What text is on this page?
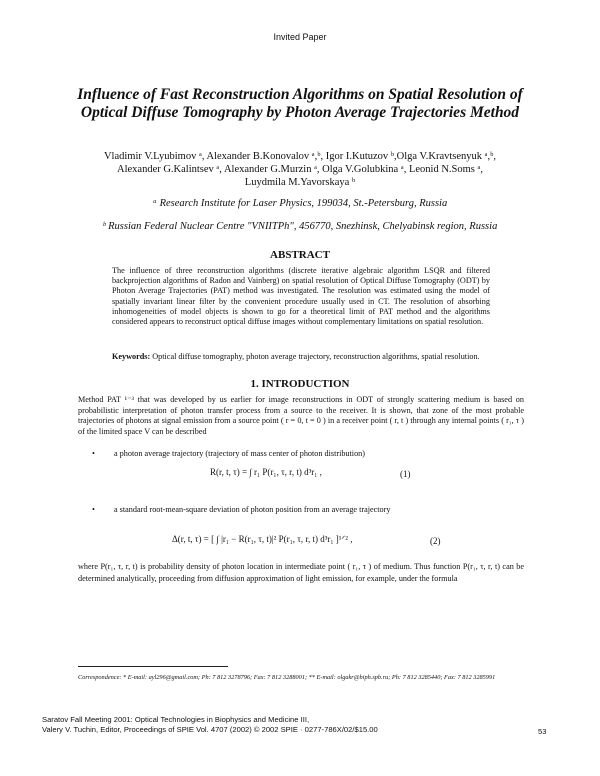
Invited Paper
Influence of Fast Reconstruction Algorithms on Spatial Resolution of Optical Diffuse Tomography by Photon Average Trajectories Method
Vladimir V.Lyubimov ᵃ, Alexander B.Konovalov ᵃ,ᵇ, Igor I.Kutuzov ᵇ,Olga V.Kravtsenyuk ᵃ,ᵇ,
Alexander G.Kalintsev ᵃ, Alexander G.Murzin ᵃ, Olga V.Golubkina ᵃ, Leonid N.Soms ᵃ,
Luydmila M.Yavorskaya ᵇ
ᵃ Research Institute for Laser Physics, 199034, St.-Petersburg, Russia
ᵇ Russian Federal Nuclear Centre "VNIITPh", 456770, Snezhinsk, Chelyabinsk region, Russia
ABSTRACT
The influence of three reconstruction algorithms (discrete iterative algebraic algorithm LSQR and filtered backprojection algorithms of Radon and Vainberg) on spatial resolution of Optical Diffuse Tomography (ODT) by Photon Average Trajectories (PAT) method was investigated. The resolution was estimated using the model of spatially invariant linear filter by the convenient procedure usually used in CT. The resolution of absorbing inhomogeneities of model objects is shown to go for a theoretical limit of PAT method and the algorithms considered appears to reconstruct optical diffuse images without complementary limitations on spatial resolution.
Keywords: Optical diffuse tomography, photon average trajectory, reconstruction algorithms, spatial resolution.
1. INTRODUCTION
Method PAT ¹⁻³ that was developed by us earlier for image reconstructions in ODT of strongly scattering medium is based on probabilistic interpretation of photon transfer process from a source to the receiver. It is shown, that zone of the most probable trajectories of photons at signal emission from a source point ( r = 0, t = 0 ) in a receiver point ( r, t ) through any internal points ( r₁, τ ) of the limited space V can be described
• a photon average trajectory (trajectory of mass center of photon distribution)
R(r, t, τ) = ∫ r₁ P(r₁, τ, r, t) d³r₁ ,	(1)
• a standard root-mean-square deviation of photon position from an average trajectory
Δ(r, t, τ) = [ ∫ |r₁ − R(r₁, τ, t)|² P(r₁, τ, r, t) d³r₁ ]¹ᐟ² ,	(2)
where P(r₁, τ, r, t) is probability density of photon location in intermediate point ( r₁, τ ) of medium. Thus function P(r₁, τ, r, t) can be determined analytically, proceeding from diffusion approximation of light emission, for example, under the formula
Correspondence: * E-mail: ayl296@gmail.com; Ph: 7 812 3278796; Fax: 7 812 3288001; ** E-mail: olgakr@biph.spb.ru; Ph: 7 812 3285440; Fax: 7 812 3285991
Saratov Fall Meeting 2001: Optical Technologies in Biophysics and Medicine III,
Valery V. Tuchin, Editor, Proceedings of SPIE Vol. 4707 (2002) © 2002 SPIE · 0277-786X/02/$15.00	53
